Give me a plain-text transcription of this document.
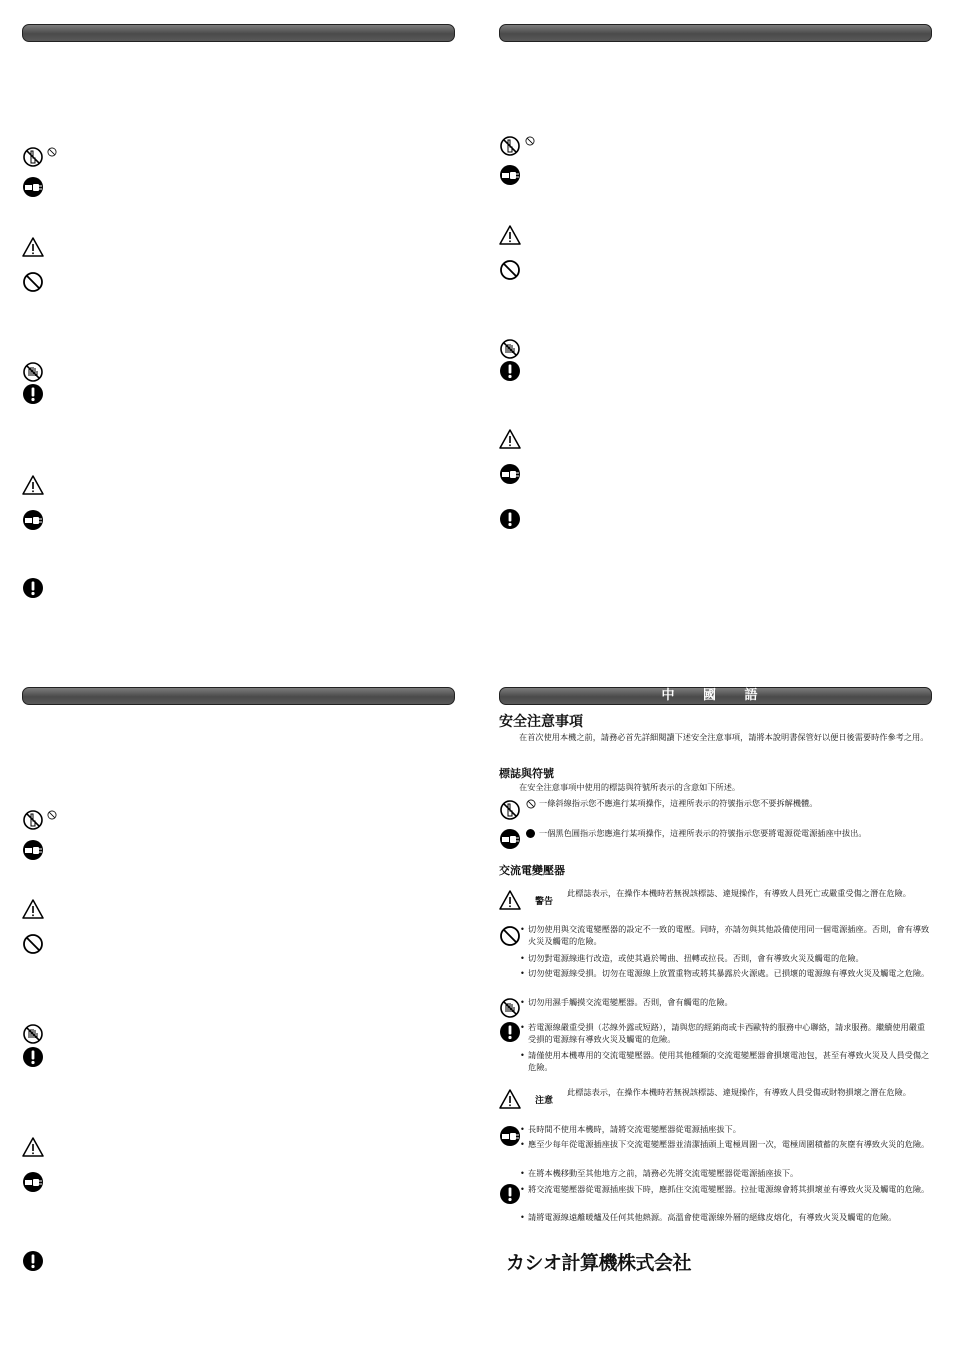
中 國 語
安全注意事項
在首次使用本機之前，請務必首先詳細閱讀下述安全注意事項，請將本說明書保管好以便日後需要時作參考之用。
標誌與符號
在安全注意事項中使用的標誌與符號所表示的含意如下所述。
一條斜線指示您不應進行某項操作，這裡所表示的符號指示您不要拆解機體。
一個黑色圓指示您應進行某項操作，這裡所表示的符號指示您要將電源從電源插座中拔出。
交流電變壓器
警告
此標誌表示，在操作本機時若無視該標誌、違規操作，有導致人員死亡或嚴重受傷之潛在危險。
• 切勿使用與交流電變壓器的設定不一致的電壓。同時，亦請勿與其他設備使用同一個電源插座。否則，會有導致火災及觸電的危險。
• 切勿對電源線進行改造，或使其過於彎曲、扭轉或拉長。否則，會有導致火災及觸電的危險。
• 切勿使電源線受損。切勿在電源線上放置重物或將其暴露於火源處。已損壞的電源線有導致火災及觸電之危險。
• 切勿用濕手觸摸交流電變壓器。否則，會有觸電的危險。
• 若電源線嚴重受損（芯線外露或短路），請與您的經銷商或卡西歐特約服務中心聯絡，請求服務。繼續使用嚴重受損的電源線有導致火災及觸電的危險。
• 請僅使用本機專用的交流電變壓器。使用其他種類的交流電變壓器會損壞電池包，甚至有導致火災及人員受傷之危險。
注意
此標誌表示，在操作本機時若無視該標誌、違規操作，有導致人員受傷或財物損壞之潛在危險。
• 長時間不使用本機時，請將交流電變壓器從電源插座拔下。
• 應至少每年從電源插座拔下交流電變壓器並清潔插頭上電極周圍一次，電極周圍積蓄的灰塵有導致火災的危險。
• 在將本機移動至其他地方之前，請務必先將交流電變壓器從電源插座拔下。
• 將交流電變壓器從電源插座拔下時，應抓住交流電變壓器。拉扯電源線會將其損壞並有導致火災及觸電的危險。
• 請將電源線遠離暖爐及任何其他熱源。高溫會使電源線外層的絕緣皮熔化，有導致火災及觸電的危險。
カシオ計算機株式会社
